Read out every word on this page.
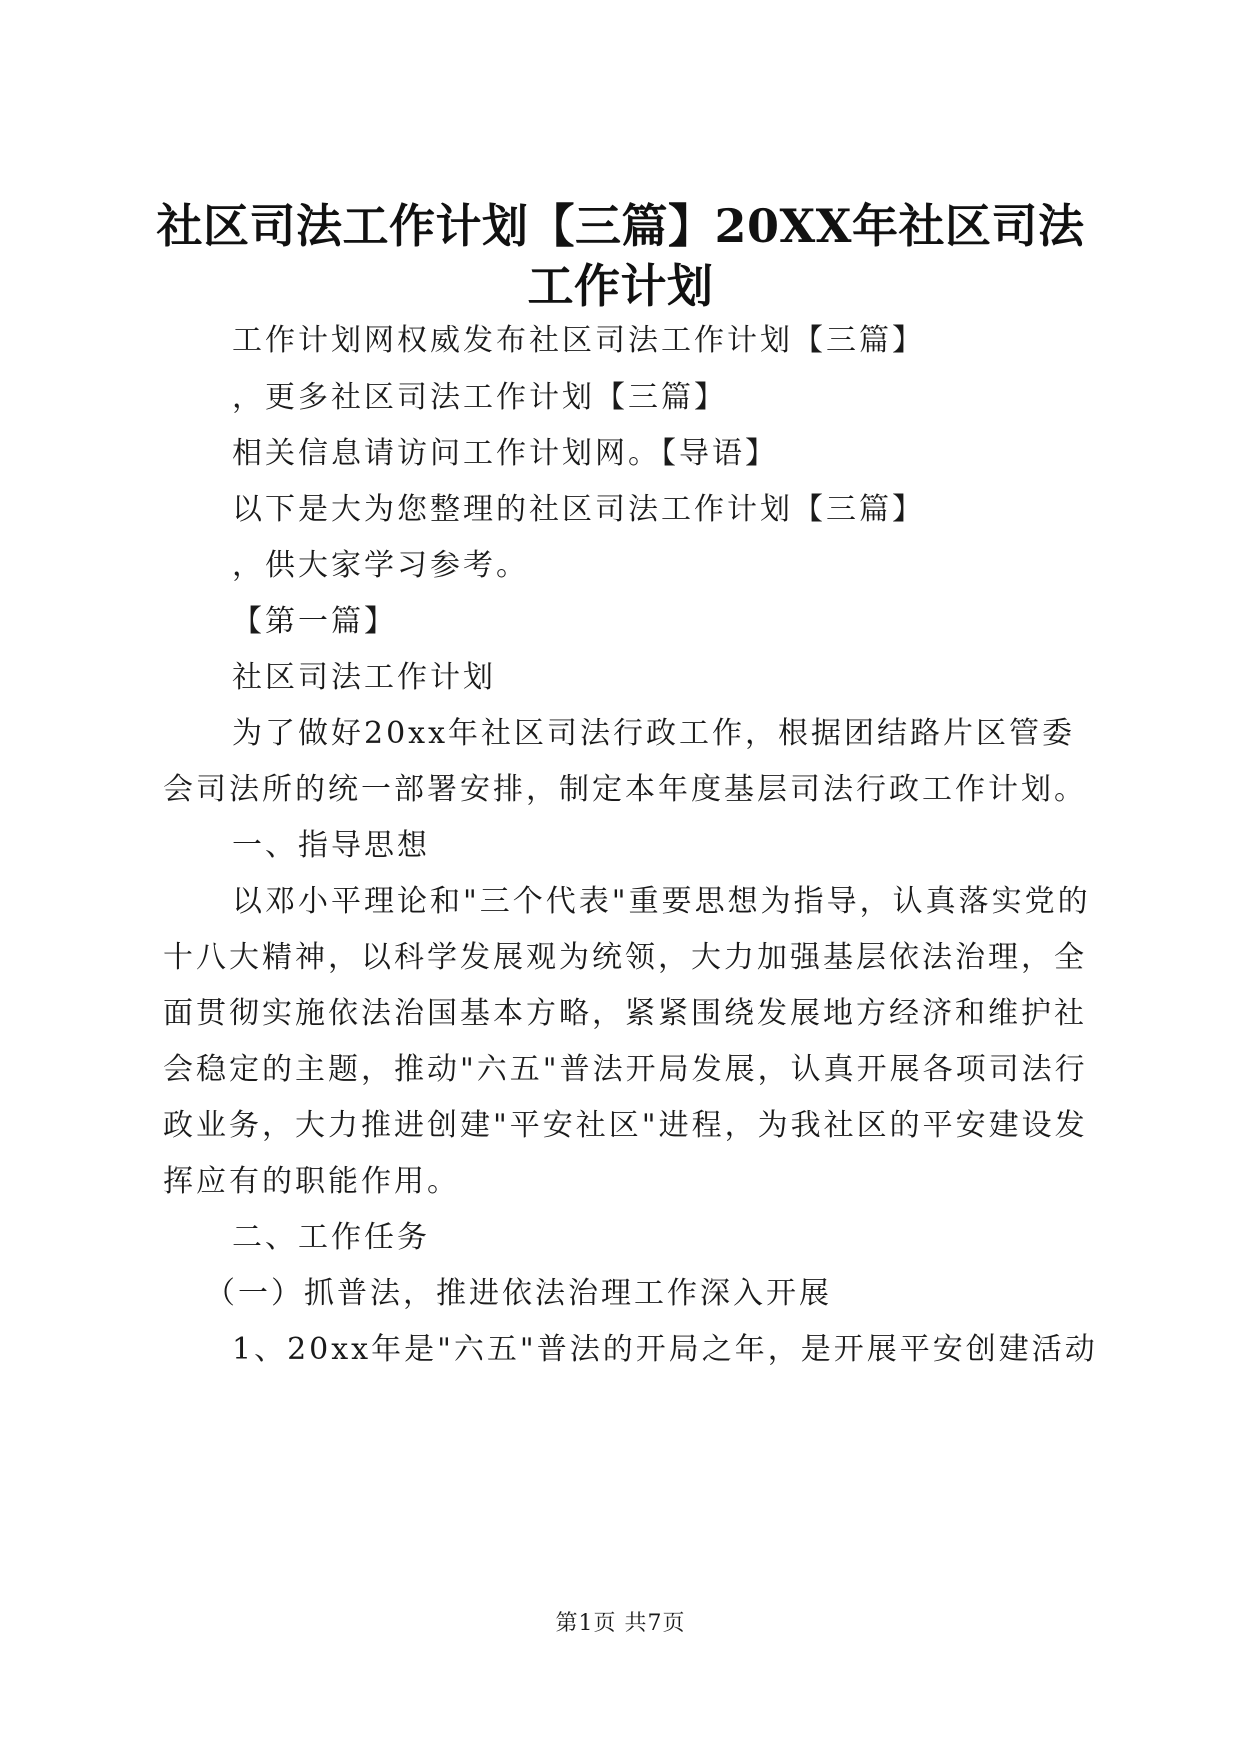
社区司法工作计划【三篇】20XX年社区司法
工作计划
工作计划网权威发布社区司法工作计划【三篇】
，更多社区司法工作计划【三篇】
相关信息请访问工作计划网。【导语】
以下是大为您整理的社区司法工作计划【三篇】
，供大家学习参考。
【第一篇】
社区司法工作计划
为了做好20xx年社区司法行政工作，根据团结路片区管委
会司法所的统一部署安排，制定本年度基层司法行政工作计划。
一、指导思想
以邓小平理论和"三个代表"重要思想为指导，认真落实党的
十八大精神，以科学发展观为统领，大力加强基层依法治理，全
面贯彻实施依法治国基本方略，紧紧围绕发展地方经济和维护社
会稳定的主题，推动"六五"普法开局发展，认真开展各项司法行
政业务，大力推进创建"平安社区"进程，为我社区的平安建设发
挥应有的职能作用。
二、工作任务
（一）抓普法，推进依法治理工作深入开展
1、20xx年是"六五"普法的开局之年，是开展平安创建活动
第1页 共7页
